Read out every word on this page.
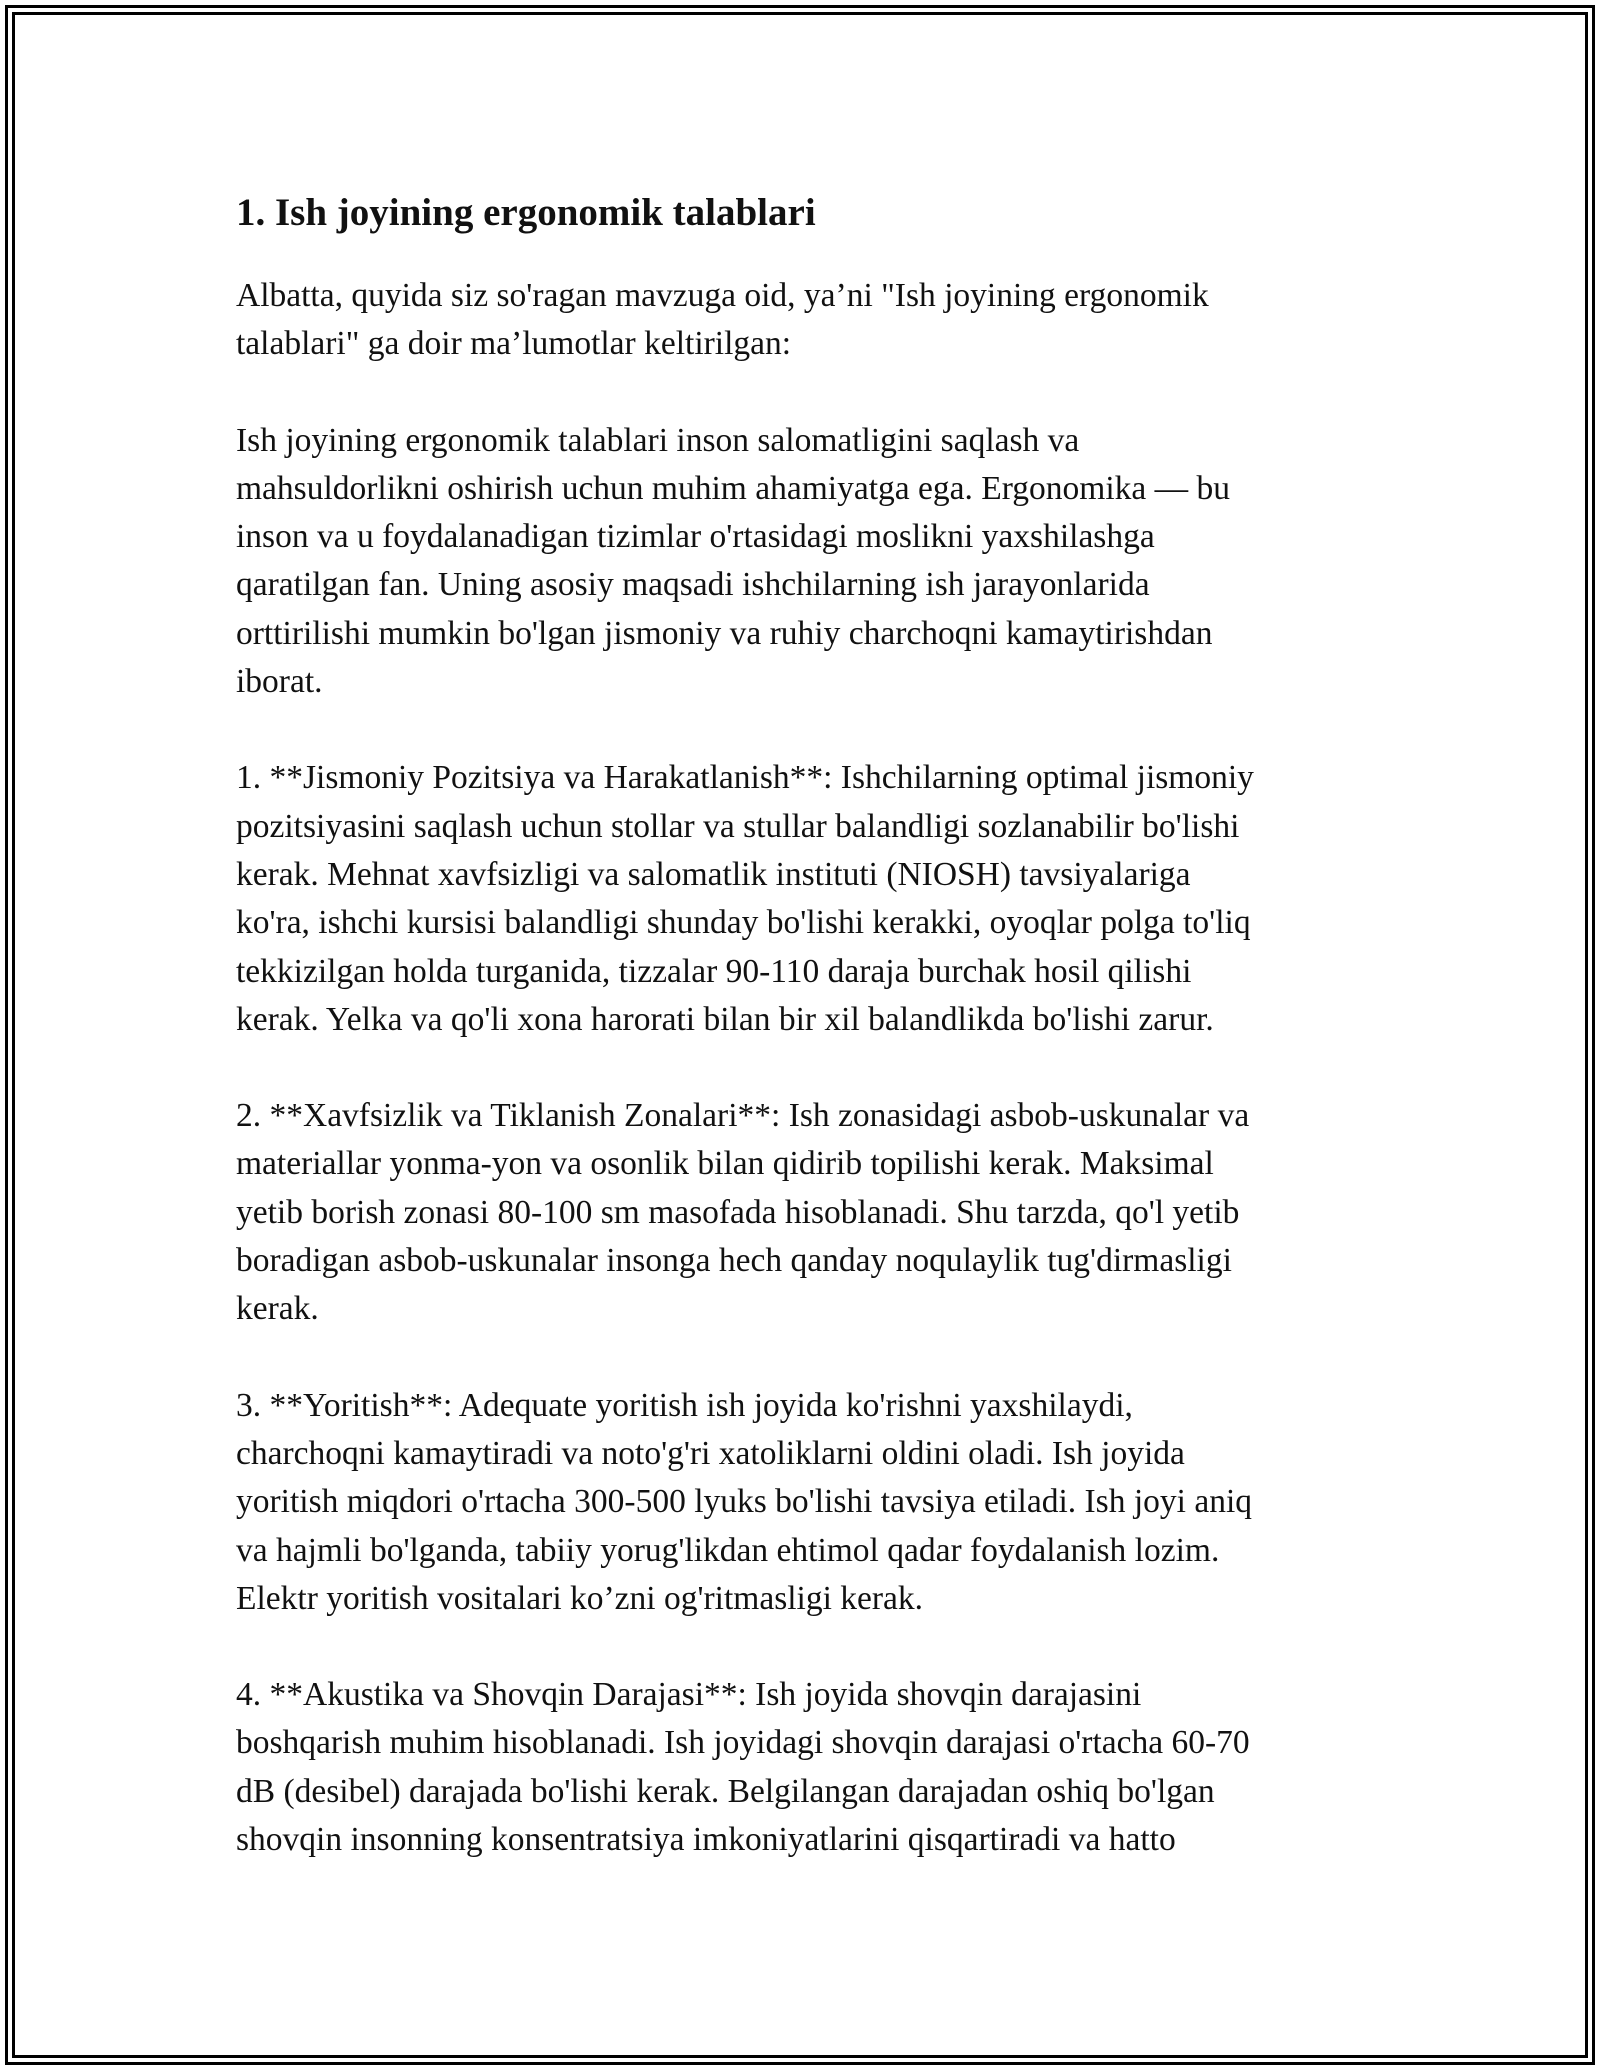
1. Ish joyining ergonomik talablari

Albatta, quyida siz so'ragan mavzuga oid, ya’ni "Ish joyining ergonomik
talablari" ga doir ma’lumotlar keltirilgan:

Ish joyining ergonomik talablari inson salomatligini saqlash va
mahsuldorlikni oshirish uchun muhim ahamiyatga ega. Ergonomika — bu
inson va u foydalanadigan tizimlar o'rtasidagi moslikni yaxshilashga
qaratilgan fan. Uning asosiy maqsadi ishchilarning ish jarayonlarida
orttirilishi mumkin bo'lgan jismoniy va ruhiy charchoqni kamaytirishdan
iborat.

1. **Jismoniy Pozitsiya va Harakatlanish**: Ishchilarning optimal jismoniy
pozitsiyasini saqlash uchun stollar va stullar balandligi sozlanabilir bo'lishi
kerak. Mehnat xavfsizligi va salomatlik instituti (NIOSH) tavsiyalariga
ko'ra, ishchi kursisi balandligi shunday bo'lishi kerakki, oyoqlar polga to'liq
tekkizilgan holda turganida, tizzalar 90-110 daraja burchak hosil qilishi
kerak. Yelka va qo'li xona harorati bilan bir xil balandlikda bo'lishi zarur.

2. **Xavfsizlik va Tiklanish Zonalari**: Ish zonasidagi asbob-uskunalar va
materiallar yonma-yon va osonlik bilan qidirib topilishi kerak. Maksimal
yetib borish zonasi 80-100 sm masofada hisoblanadi. Shu tarzda, qo'l yetib
boradigan asbob-uskunalar insonga hech qanday noqulaylik tug'dirmasligi
kerak.

3. **Yoritish**: Adequate yoritish ish joyida ko'rishni yaxshilaydi,
charchoqni kamaytiradi va noto'g'ri xatoliklarni oldini oladi. Ish joyida
yoritish miqdori o'rtacha 300-500 lyuks bo'lishi tavsiya etiladi. Ish joyi aniq
va hajmli bo'lganda, tabiiy yorug'likdan ehtimol qadar foydalanish lozim.
Elektr yoritish vositalari ko’zni og'ritmasligi kerak.

4. **Akustika va Shovqin Darajasi**: Ish joyida shovqin darajasini
boshqarish muhim hisoblanadi. Ish joyidagi shovqin darajasi o'rtacha 60-70
dB (desibel) darajada bo'lishi kerak. Belgilangan darajadan oshiq bo'lgan
shovqin insonning konsentratsiya imkoniyatlarini qisqartiradi va hatto
